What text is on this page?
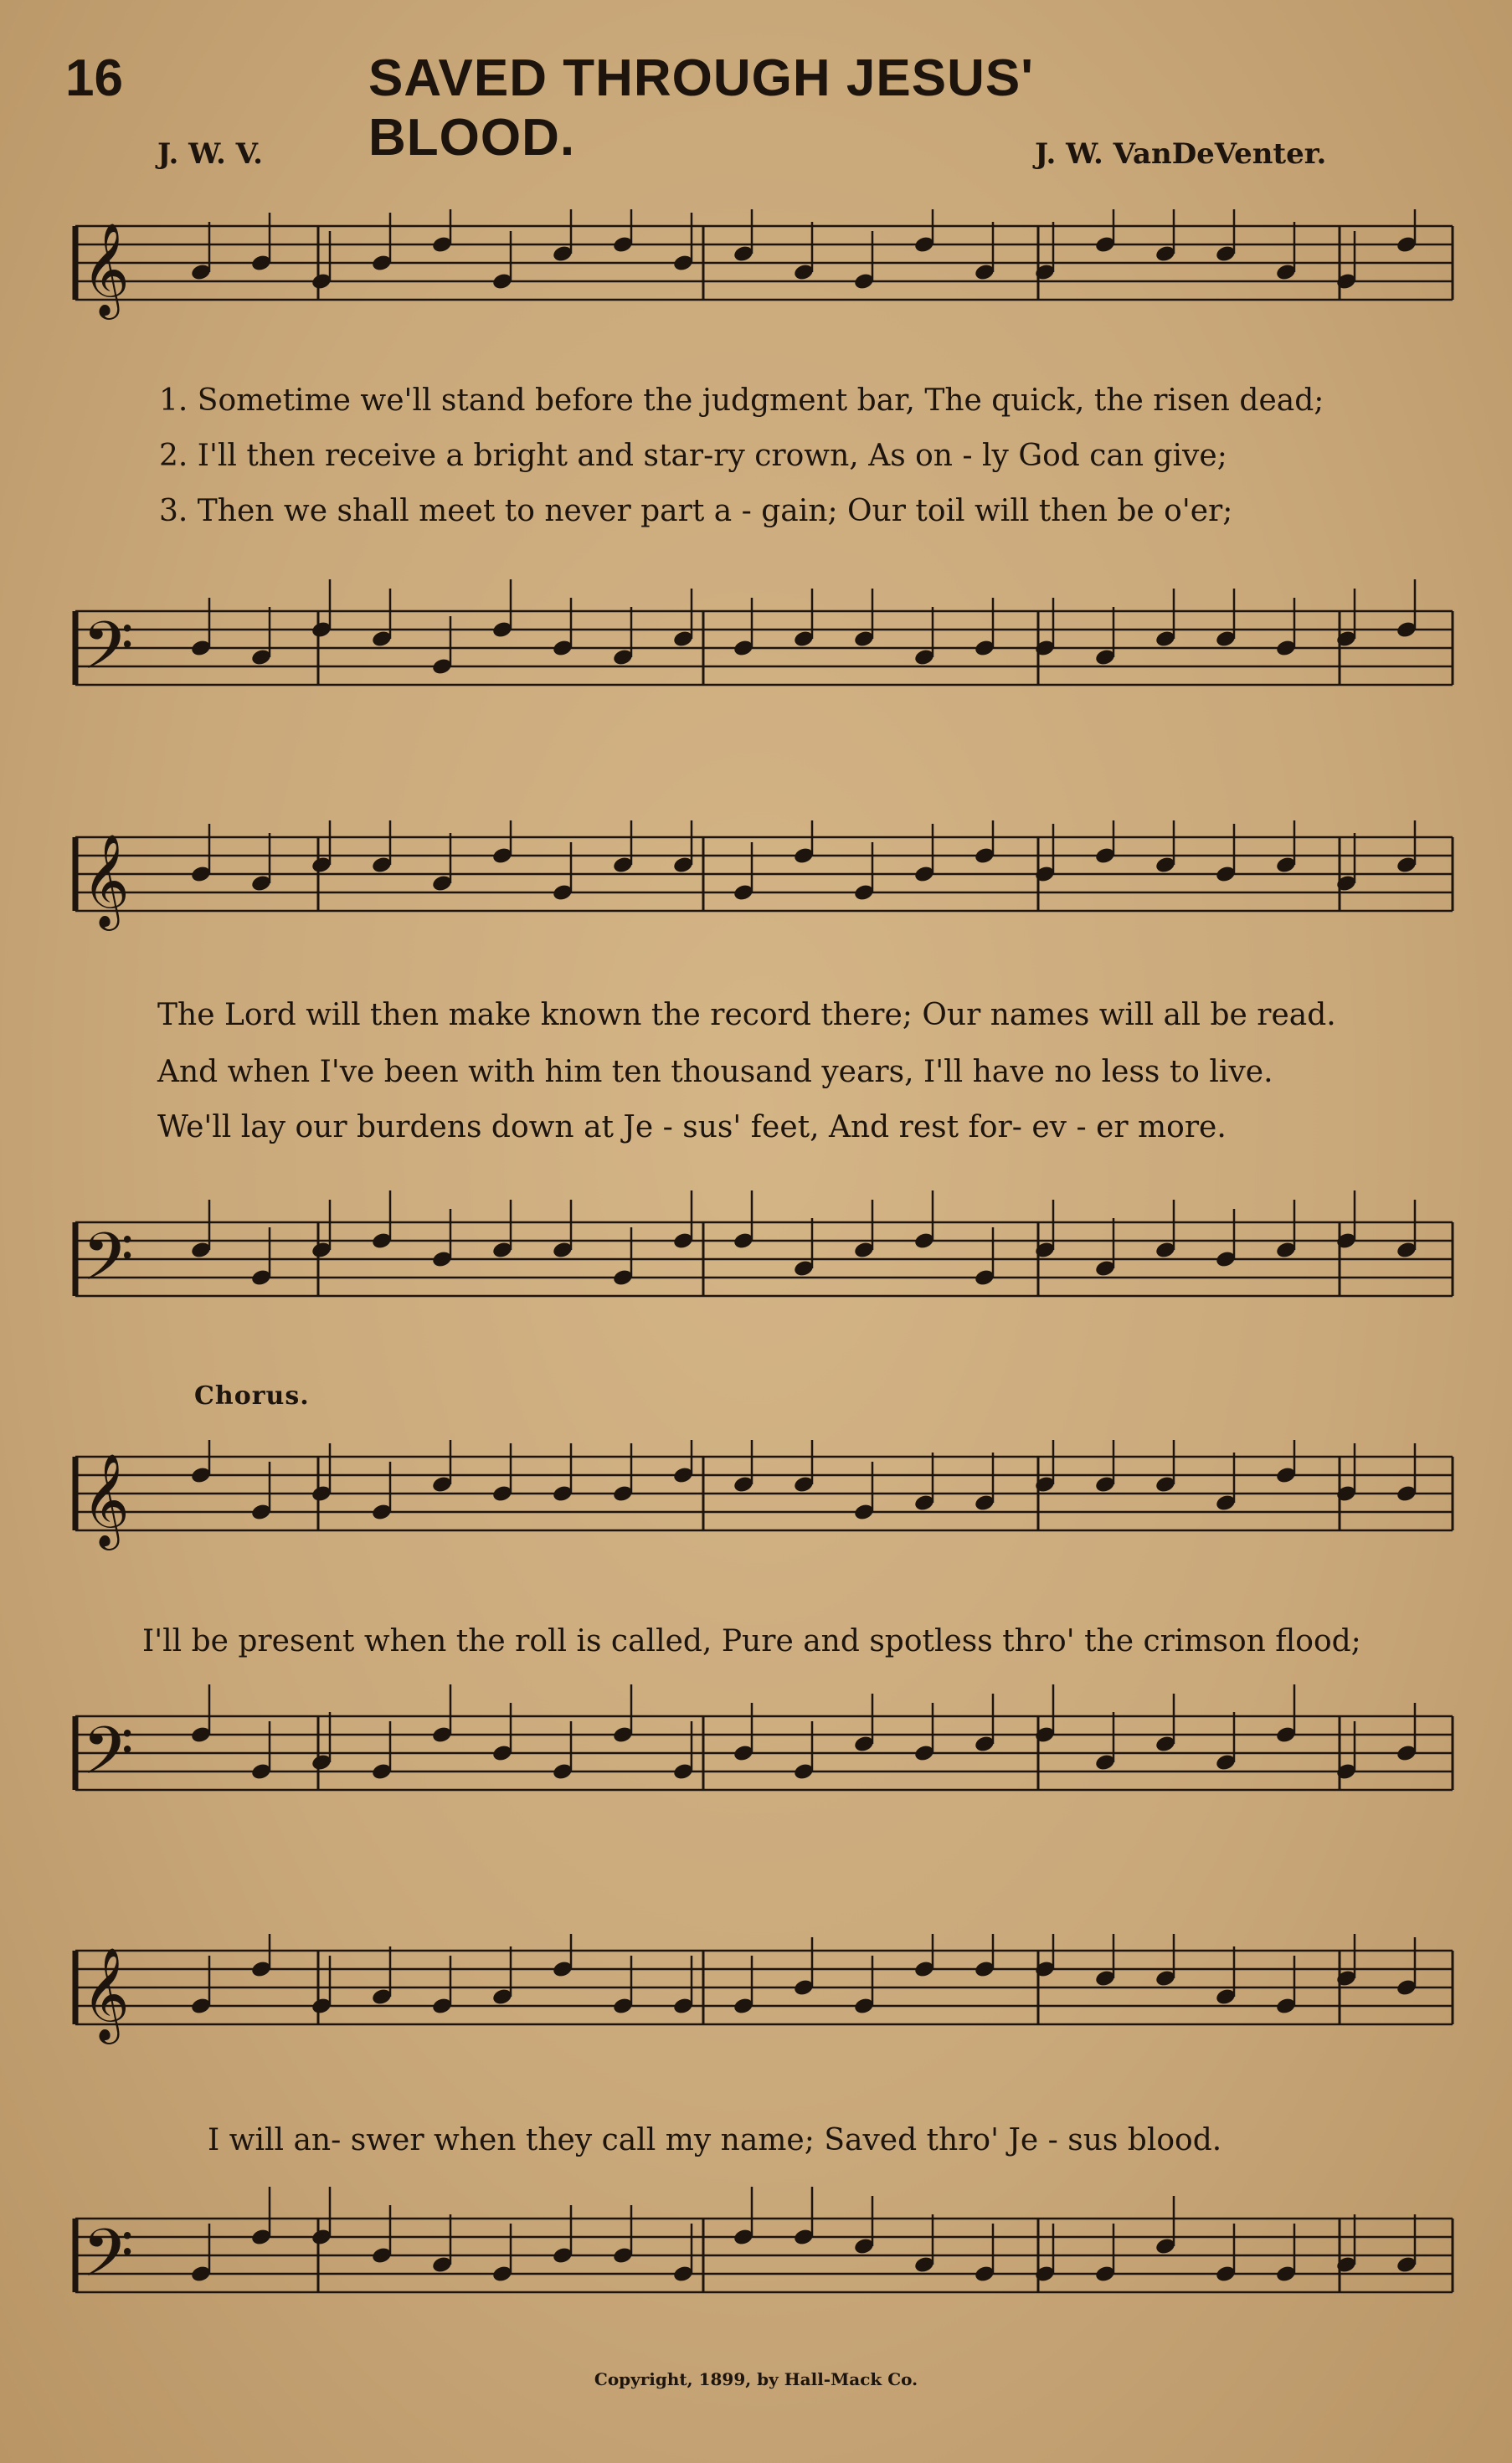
16	SAVED THROUGH JESUS' BLOOD.
J. W. V.	J. W. VanDeVenter.
𝄞
1. Sometime we'll stand before the judgment bar, The quick, the risen dead;
2. I'll then receive a bright and star-ry crown, As on - ly God can give;
3. Then we shall meet to never part a - gain; Our toil will then be o'er;
𝄢
𝄞
The Lord will then make known the record there; Our names will all be read.
And when I've been with him ten thousand years, I'll have no less to live.
We'll lay our burdens down at Je - sus' feet, And rest for- ev - er more.
𝄢
Chorus.
𝄞
I'll be present when the roll is called, Pure and spotless thro' the crimson flood;
𝄢
𝄞
I will an- swer when they call my name; Saved thro' Je - sus blood.
𝄢
Copyright, 1899, by Hall-Mack Co.
